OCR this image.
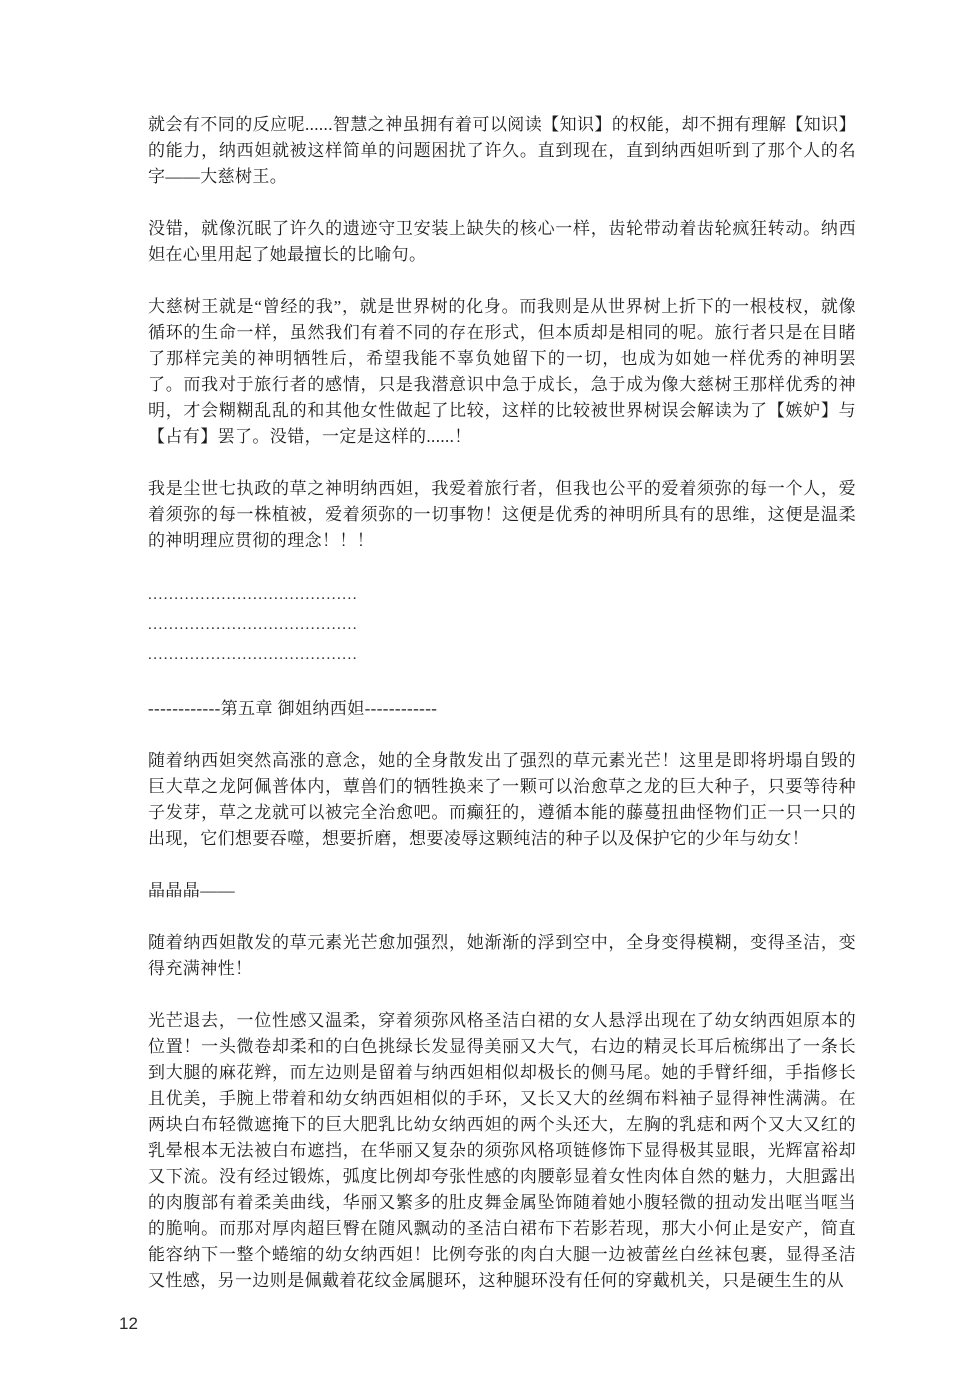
就会有不同的反应呢......智慧之神虽拥有着可以阅读【知识】的权能，却不拥有理解【知识】的能力，纳西妲就被这样简单的问题困扰了许久。直到现在，直到纳西妲听到了那个人的名字——大慈树王。

没错，就像沉眠了许久的遗迹守卫安装上缺失的核心一样，齿轮带动着齿轮疯狂转动。纳西妲在心里用起了她最擅长的比喻句。

大慈树王就是“曾经的我”，就是世界树的化身。而我则是从世界树上折下的一根枝杈，就像循环的生命一样，虽然我们有着不同的存在形式，但本质却是相同的呢。旅行者只是在目睹了那样完美的神明牺牲后，希望我能不辜负她留下的一切，也成为如她一样优秀的神明罢了。而我对于旅行者的感情，只是我潜意识中急于成长，急于成为像大慈树王那样优秀的神明，才会糊糊乱乱的和其他女性做起了比较，这样的比较被世界树误会解读为了【嫉妒】与【占有】罢了。没错，一定是这样的......！

我是尘世七执政的草之神明纳西妲，我爱着旅行者，但我也公平的爱着须弥的每一个人，爱着须弥的每一株植被，爱着须弥的一切事物！这便是优秀的神明所具有的思维，这便是温柔的神明理应贯彻的理念！！！

........................................
........................................
........................................

------------第五章 御姐纳西妲------------

随着纳西妲突然高涨的意念，她的全身散发出了强烈的草元素光芒！这里是即将坍塌自毁的巨大草之龙阿佩普体内，蕈兽们的牺牲换来了一颗可以治愈草之龙的巨大种子，只要等待种子发芽，草之龙就可以被完全治愈吧。而癫狂的，遵循本能的藤蔓扭曲怪物们正一只一只的出现，它们想要吞噬，想要折磨，想要凌辱这颗纯洁的种子以及保护它的少年与幼女！

晶晶晶——

随着纳西妲散发的草元素光芒愈加强烈，她渐渐的浮到空中，全身变得模糊，变得圣洁，变得充满神性！

光芒退去，一位性感又温柔，穿着须弥风格圣洁白裙的女人悬浮出现在了幼女纳西妲原本的位置！一头微卷却柔和的白色挑绿长发显得美丽又大气，右边的精灵长耳后梳绑出了一条长到大腿的麻花辫，而左边则是留着与纳西妲相似却极长的侧马尾。她的手臂纤细，手指修长且优美，手腕上带着和幼女纳西妲相似的手环，又长又大的丝绸布料袖子显得神性满满。在两块白布轻微遮掩下的巨大肥乳比幼女纳西妲的两个头还大，左胸的乳痣和两个又大又红的乳晕根本无法被白布遮挡，在华丽又复杂的须弥风格项链修饰下显得极其显眼，光辉富裕却又下流。没有经过锻炼，弧度比例却夸张性感的肉腰彰显着女性肉体自然的魅力，大胆露出的肉腹部有着柔美曲线，华丽又繁多的肚皮舞金属坠饰随着她小腹轻微的扭动发出哐当哐当的脆响。而那对厚肉超巨臀在随风飘动的圣洁白裙布下若影若现，那大小何止是安产，简直能容纳下一整个蜷缩的幼女纳西妲！比例夸张的肉白大腿一边被蕾丝白丝袜包裹，显得圣洁又性感，另一边则是佩戴着花纹金属腿环，这种腿环没有任何的穿戴机关，只是硬生生的从

12
